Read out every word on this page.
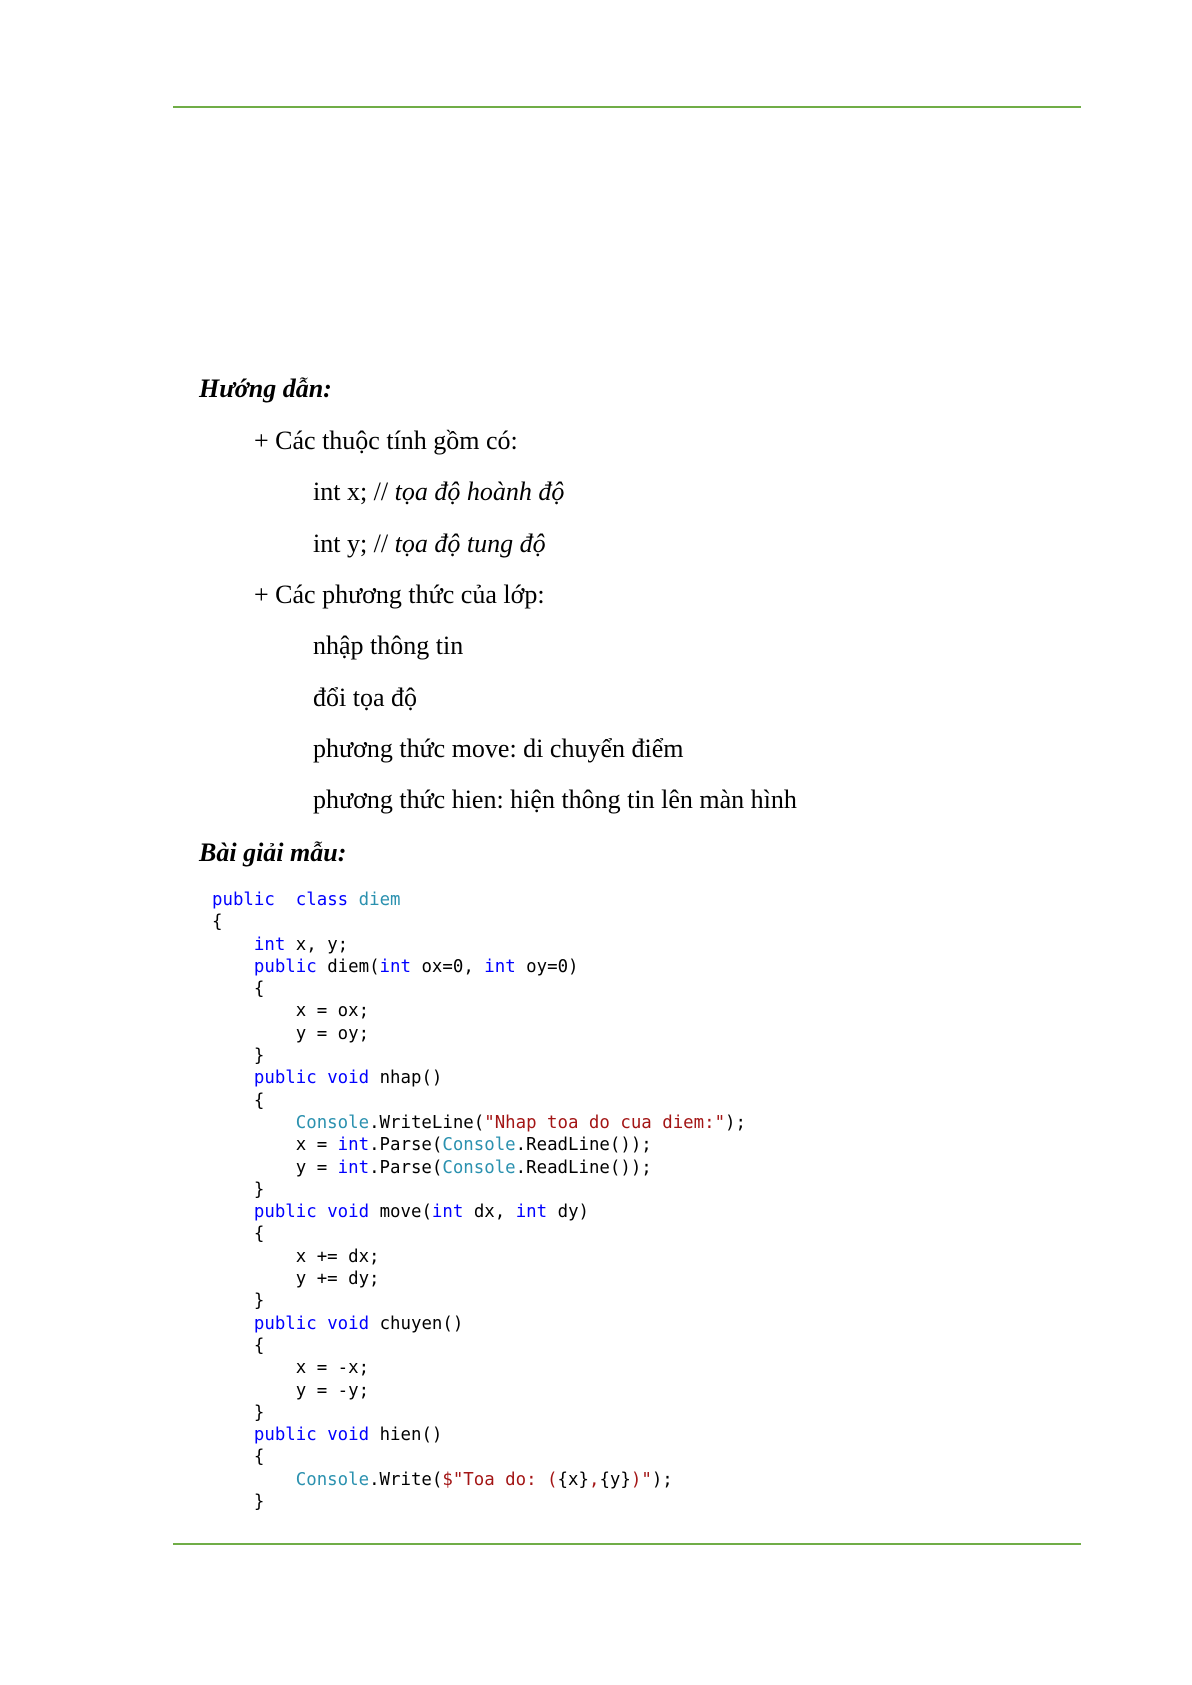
Hướng dẫn:
+ Các thuộc tính gồm có:
int x; // tọa độ hoành độ
int y; // tọa độ tung độ
+ Các phương thức của lớp:
nhập thông tin
đổi tọa độ
phương thức move: di chuyển điểm
phương thức hien: hiện thông tin lên màn hình
Bài giải mẫu:
public class diem
{
int x, y;
public diem(int ox=0, int oy=0)
{
x = ox;
y = oy;
}
public void nhap()
{
Console.WriteLine("Nhap toa do cua diem:");
x = int.Parse(Console.ReadLine());
y = int.Parse(Console.ReadLine());
}
public void move(int dx, int dy)
{
x += dx;
y += dy;
}
public void chuyen()
{
x = -x;
y = -y;
}
public void hien()
{
Console.Write($"Toa do: ({x},{y})");
}
